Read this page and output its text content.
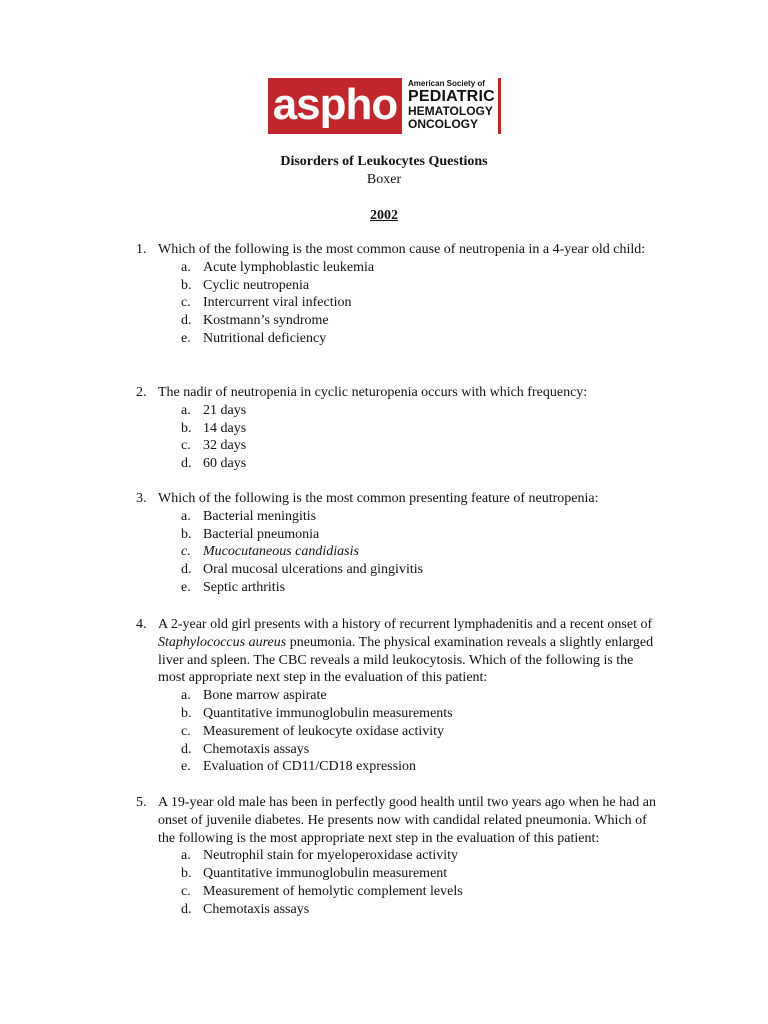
aspho	American Society of
PEDIATRIC
HEMATOLOGY
ONCOLOGY
Disorders of Leukocytes Questions
Boxer
2002
1. Which of the following is the most common cause of neutropenia in a 4-year old child:
a. Acute lymphoblastic leukemia
b. Cyclic neutropenia
c. Intercurrent viral infection
d. Kostmann’s syndrome
e. Nutritional deficiency
2. The nadir of neutropenia in cyclic neturopenia occurs with which frequency:
a. 21 days
b. 14 days
c. 32 days
d. 60 days
3. Which of the following is the most common presenting feature of neutropenia:
a. Bacterial meningitis
b. Bacterial pneumonia
c. Mucocutaneous candidiasis
d. Oral mucosal ulcerations and gingivitis
e. Septic arthritis
4. A 2-year old girl presents with a history of recurrent lymphadenitis and a recent onset of Staphylococcus aureus pneumonia. The physical examination reveals a slightly enlarged liver and spleen. The CBC reveals a mild leukocytosis. Which of the following is the most appropriate next step in the evaluation of this patient:
a. Bone marrow aspirate
b. Quantitative immunoglobulin measurements
c. Measurement of leukocyte oxidase activity
d. Chemotaxis assays
e. Evaluation of CD11/CD18 expression
5. A 19-year old male has been in perfectly good health until two years ago when he had an onset of juvenile diabetes. He presents now with candidal related pneumonia. Which of the following is the most appropriate next step in the evaluation of this patient:
a. Neutrophil stain for myeloperoxidase activity
b. Quantitative immunoglobulin measurement
c. Measurement of hemolytic complement levels
d. Chemotaxis assays
